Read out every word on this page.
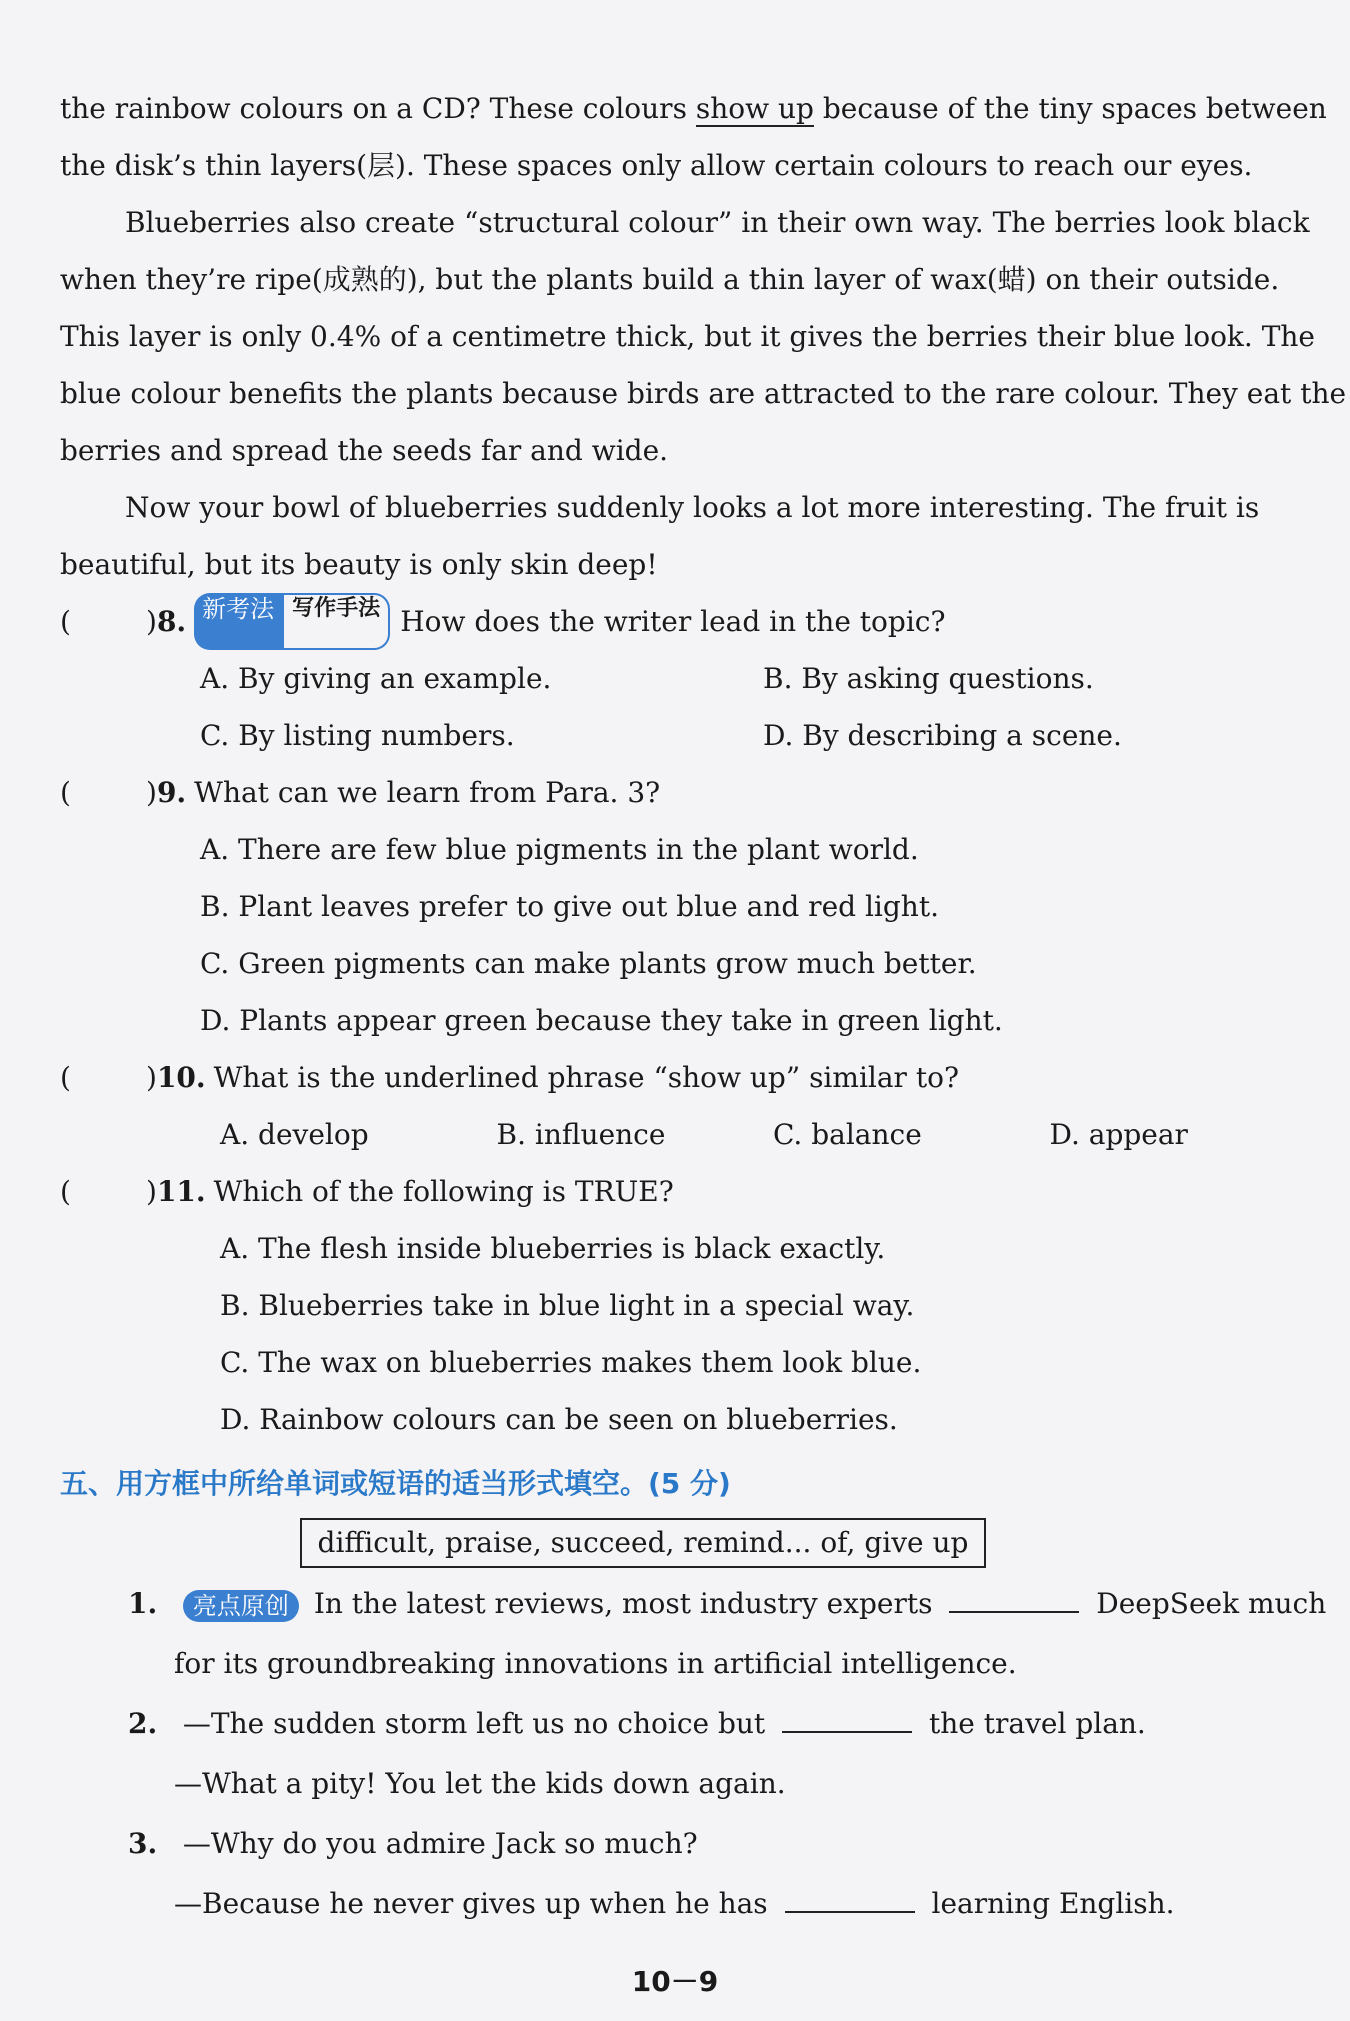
the rainbow colours on a CD? These colours show up because of the tiny spaces between
the disk’s thin layers(层). These spaces only allow certain colours to reach our eyes.
Blueberries also create “structural colour” in their own way. The berries look black
when they’re ripe(成熟的), but the plants build a thin layer of wax(蜡) on their outside.
This layer is only 0.4% of a centimetre thick, but it gives the berries their blue look. The
blue colour benefits the plants because birds are attracted to the rare colour. They eat the
berries and spread the seeds far and wide.
Now your bowl of blueberries suddenly looks a lot more interesting. The fruit is
beautiful, but its beauty is only skin deep!
(	) 8. 新考法 写作手法 How does the writer lead in the topic?
A. By giving an example.	B. By asking questions.
C. By listing numbers.	D. By describing a scene.
(	) 9. What can we learn from Para. 3?
A. There are few blue pigments in the plant world.
B. Plant leaves prefer to give out blue and red light.
C. Green pigments can make plants grow much better.
D. Plants appear green because they take in green light.
(	) 10. What is the underlined phrase “show up” similar to?
A. develop	B. influence	C. balance	D. appear
(	) 11. Which of the following is TRUE?
A. The flesh inside blueberries is black exactly.
B. Blueberries take in blue light in a special way.
C. The wax on blueberries makes them look blue.
D. Rainbow colours can be seen on blueberries.
五、用方框中所给单词或短语的适当形式填空。(5 分)
difficult, praise, succeed, remind... of, give up
1. 亮点原创 In the latest reviews, most industry experts	DeepSeek much
for its groundbreaking innovations in artificial intelligence.
2. —The sudden storm left us no choice but	the travel plan.
—What a pity! You let the kids down again.
3. —Why do you admire Jack so much?
—Because he never gives up when he has	learning English.
10－9
